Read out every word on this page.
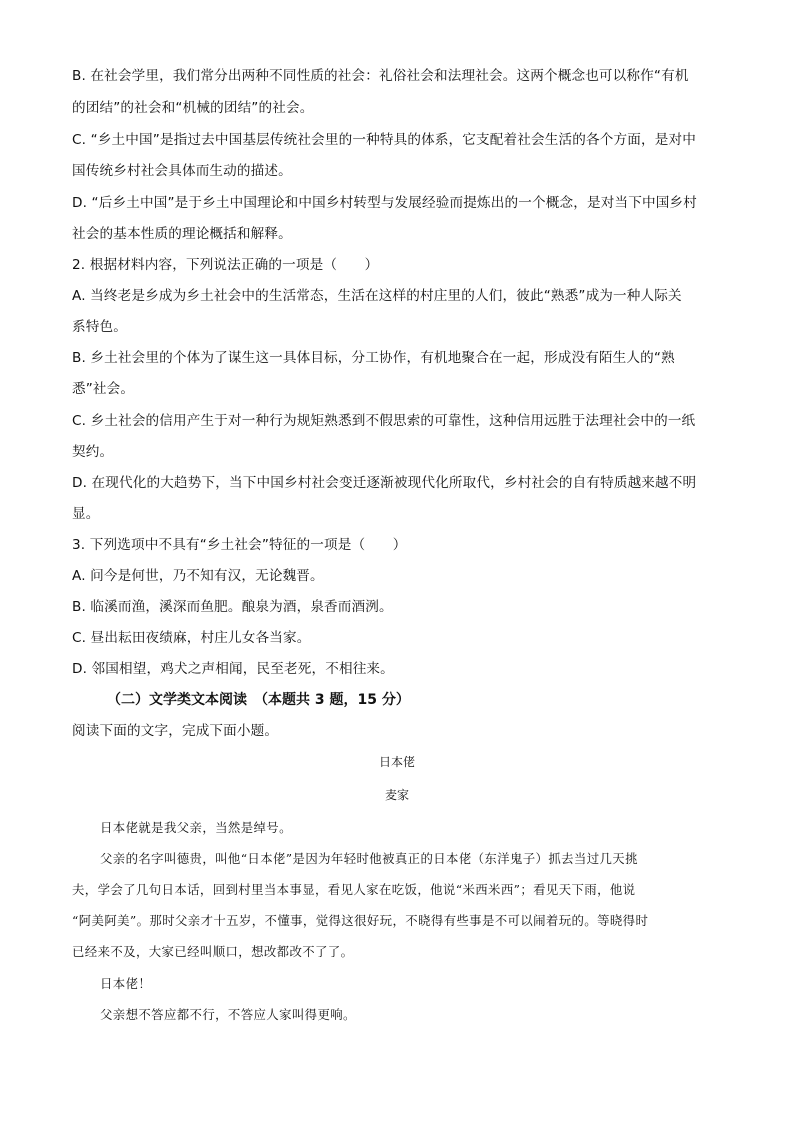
B. 在社会学里，我们常分出两种不同性质的社会：礼俗社会和法理社会。这两个概念也可以称作“有机
的团结”的社会和“机械的团结”的社会。
C. “乡土中国”是指过去中国基层传统社会里的一种特具的体系，它支配着社会生活的各个方面，是对中
国传统乡村社会具体而生动的描述。
D. “后乡土中国”是于乡土中国理论和中国乡村转型与发展经验而提炼出的一个概念，是对当下中国乡村
社会的基本性质的理论概括和解释。
2. 根据材料内容，下列说法正确的一项是（　　）
A. 当终老是乡成为乡土社会中的生活常态，生活在这样的村庄里的人们，彼此“熟悉”成为一种人际关
系特色。
B. 乡土社会里的个体为了谋生这一具体目标，分工协作，有机地聚合在一起，形成没有陌生人的“熟
悉”社会。
C. 乡土社会的信用产生于对一种行为规矩熟悉到不假思索的可靠性，这种信用远胜于法理社会中的一纸
契约。
D. 在现代化的大趋势下，当下中国乡村社会变迁逐渐被现代化所取代，乡村社会的自有特质越来越不明
显。
3. 下列选项中不具有“乡土社会”特征的一项是（　　）
A. 问今是何世，乃不知有汉，无论魏晋。
B. 临溪而渔，溪深而鱼肥。酿泉为酒，泉香而酒洌。
C. 昼出耘田夜绩麻，村庄儿女各当家。
D. 邻国相望，鸡犬之声相闻，民至老死，不相往来。
（二）文学类文本阅读　（本题共 3 题，15 分）
阅读下面的文字，完成下面小题。
日本佬
麦家
日本佬就是我父亲，当然是绰号。
父亲的名字叫德贵，叫他“日本佬”是因为年轻时他被真正的日本佬（东洋鬼子）抓去当过几天挑
夫，学会了几句日本话，回到村里当本事显，看见人家在吃饭，他说“米西米西”；看见天下雨，他说
“阿美阿美”。那时父亲才十五岁，不懂事，觉得这很好玩，不晓得有些事是不可以闹着玩的。等晓得时
已经来不及，大家已经叫顺口，想改都改不了了。
日本佬！
父亲想不答应都不行，不答应人家叫得更响。
